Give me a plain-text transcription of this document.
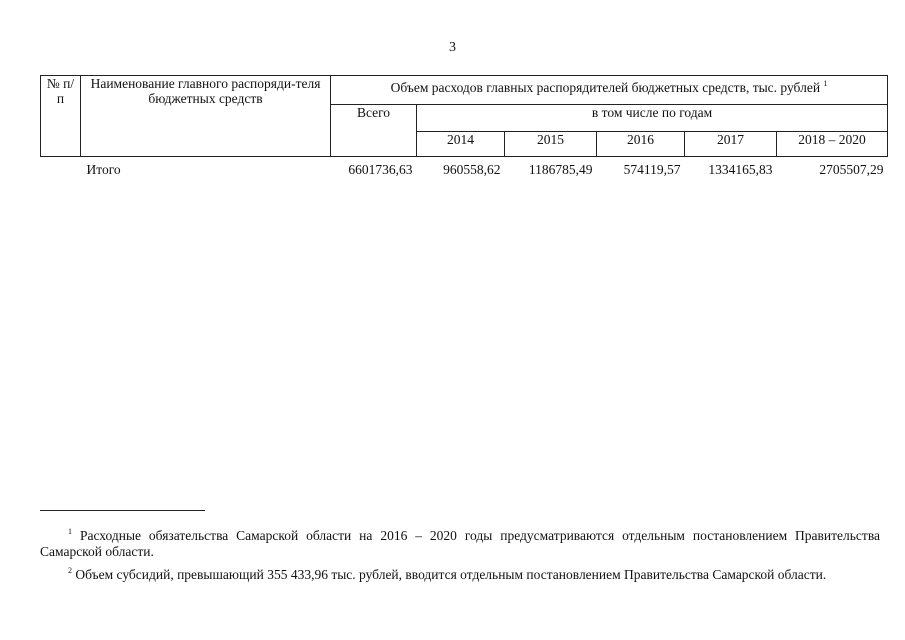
3
№ п/п	Наименование главного распоряди-теля бюджетных средств	Объем расходов главных распорядителей бюджетных средств, тыс. рублей $^1$
		Всего	в том числе по годам				
			2014	2015	2016	2017	2018 – 2020
	Итого	6601736,63	960558,62	1186785,49	574119,57	1334165,83	2705507,29

$^1$ Расходные обязательства Самарской области на 2016 – 2020 годы предусматриваются отдельным постановлением Правительства Самарской области.

$^2$ Объем субсидий, превышающий 355 433,96 тыс. рублей, вводится отдельным постановлением Правительства Самарской области.
